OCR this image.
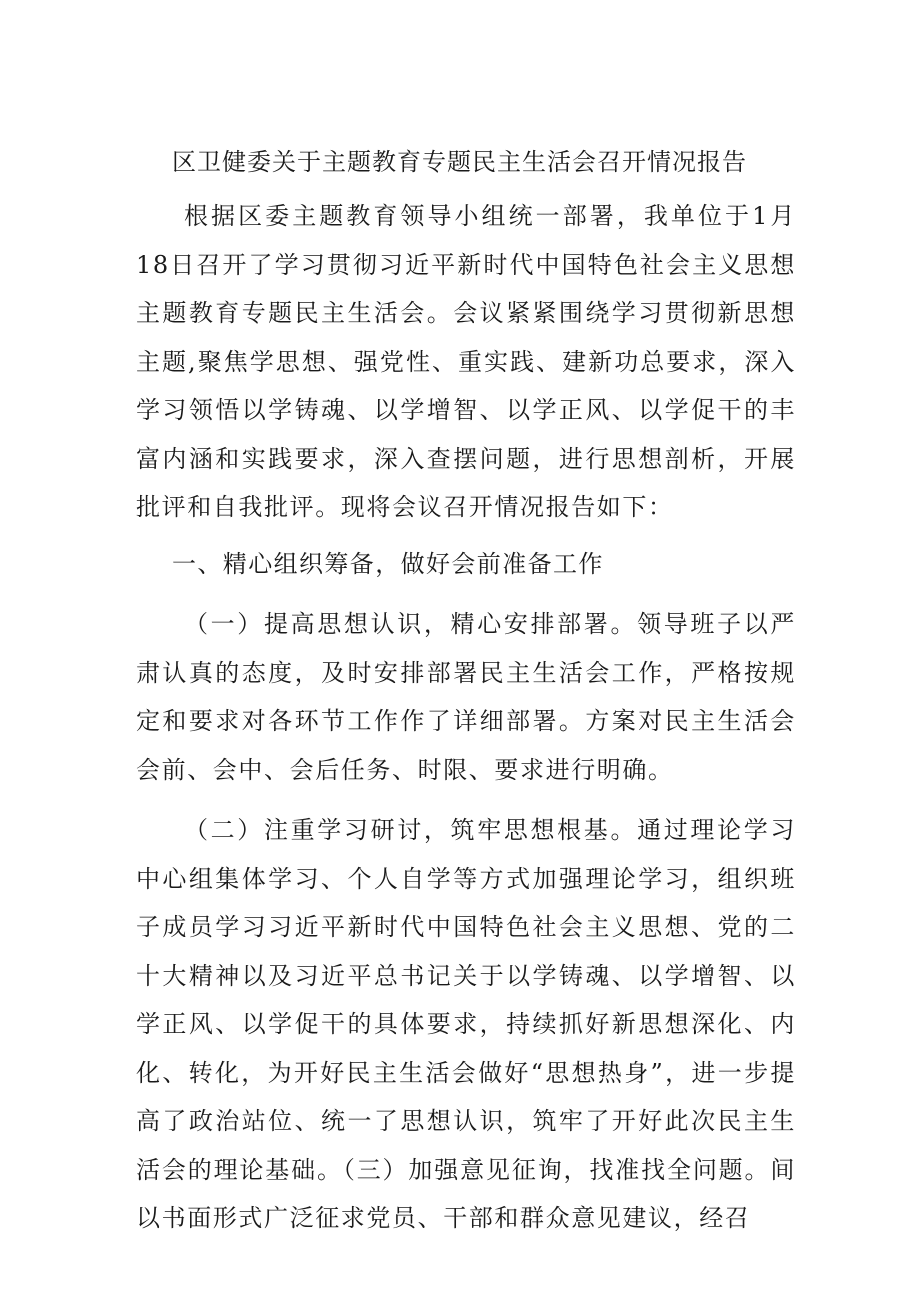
区卫健委关于主题教育专题民主生活会召开情况报告

根据区委主题教育领导小组统一部署，我单位于1月18日召开了学习贯彻习近平新时代中国特色社会主义思想主题教育专题民主生活会。会议紧紧围绕学习贯彻新思想主题,聚焦学思想、强党性、重实践、建新功总要求，深入学习领悟以学铸魂、以学增智、以学正风、以学促干的丰富内涵和实践要求，深入查摆问题，进行思想剖析，开展批评和自我批评。现将会议召开情况报告如下：

一、精心组织筹备，做好会前准备工作

（一）提高思想认识，精心安排部署。领导班子以严肃认真的态度，及时安排部署民主生活会工作，严格按规定和要求对各环节工作作了详细部署。方案对民主生活会会前、会中、会后任务、时限、要求进行明确。

（二）注重学习研讨，筑牢思想根基。通过理论学习中心组集体学习、个人自学等方式加强理论学习，组织班子成员学习习近平新时代中国特色社会主义思想、党的二十大精神以及习近平总书记关于以学铸魂、以学增智、以学正风、以学促干的具体要求，持续抓好新思想深化、内化、转化，为开好民主生活会做好“思想热身”，进一步提高了政治站位、统一了思想认识，筑牢了开好此次民主生活会的理论基础。（三）加强意见征询，找准找全问题。间以书面形式广泛征求党员、干部和群众意见建议，经召
